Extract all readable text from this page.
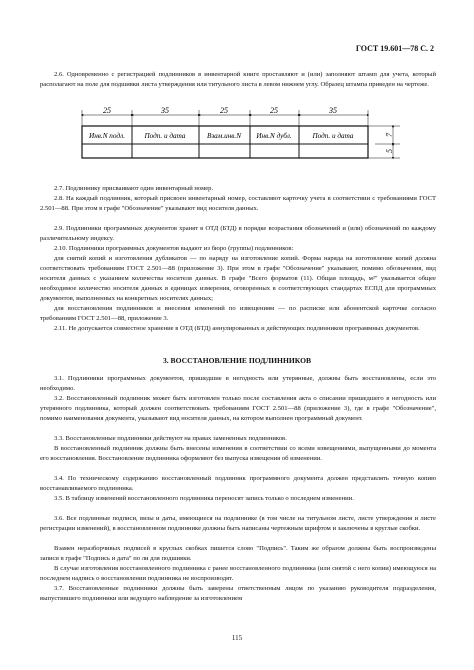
ГОСТ 19.601—78 С. 2

2.6. Одновременно с регистрацией подлинников в инвентарной книге проставляют и (или) заполняют штамп для учета, который располагают на поле для подшивки листа утверждения или титульного листа в левом нижнем углу. Образец штампа приведен на чертеже.

25	35	25	25	35
7
5
Инв.N подл.	Подп. и дата	Взам.инв.N Инв.N дубл.	Подп. и дата

2.7. Подлиннику присваивают один инвентарный номер.

2.8. На каждый подлинник, который присвоен инвентарный номер, составляют карточку учета в соответствии с требованиями ГОСТ 2.501—88. При этом в графе "Обозначение" указывают вид носителя данных.

2.9. Подлинники программных документов хранят в ОТД (БТД) в порядке возрастания обозначений и (или) обозначений по каждому различительному индексу.

2.10. Подлинники программных документов выдают из бюро (группы) подлинников:

для снятий копий и изготовления дубликатов — по наряду на изготовление копий. Форма наряда на изготовление копий должна соответствовать требованиям ГОСТ 2.501—88 (приложение 3). При этом в графе "Обозначение" указывают, помимо обозначения, вид носителя данных с указанием количества носителя данных. В графе "Всего форматов (11). Общая площадь, м²" указывается общее необходимое количество носителя данных в единицах измерения, оговоренных в соответствующих стандартах ЕСПД для программных документов, выполненных на конкретных носителях данных;

для восстановления подлинников и внесения изменений по извещениям — по расписке или абонентской карточке согласно требованиям ГОСТ 2.501—88, приложение 3.

2.11. Не допускается совместное хранение в ОТД (БТД) аннулированных и действующих подлинников программных документов.

3. ВОССТАНОВЛЕНИЕ ПОДЛИННИКОВ

3.1. Подлинники программных документов, пришедшие в негодность или утерянные, должны быть восстановлены, если это необходимо.

3.2. Восстановленный подлинник может быть изготовлен только после составления акта о списании пришедшего в негодность или утерянного подлинника, который должен соответствовать требованиям ГОСТ 2.501—88 (приложение 3), где в графе "Обозначение", помимо наименования документа, указывают вид носителя данных, на котором выполнен программный документ.

3.3. Восстановленные подлинники действуют на правах замененных подлинников.

В восстановленный подлинник должны быть внесены изменения в соответствии со всеми извещениями, выпущенными до момента его восстановления. Восстановление подлинника оформляют без выпуска извещения об изменении.

3.4. По техническому содержанию восстановленный подлинник программного документа должен представлять точную копию восстанавливаемого подлинника.

3.5. В таблицу изменений восстановленного подлинника переносят запись только о последнем изменении.

3.6. Все подлинные подписи, визы и даты, имеющиеся на подлиннике (в том числе на титульном листе, листе утверждения и листе регистрации изменений), в восстановленном подлиннике должны быть написаны чертежным шрифтом и заключены в круглые скобки.

Взамен неразборчивых подписей в круглых скобках пишется слово "Подпись". Таким же образом должны быть воспроизведены записи в графе "Подпись и дата" по ли для подшивки.

В случае изготовления восстановленного подлинника с ранее восстановленного подлинника (или снятой с него копии) имеющуюся на последнем надпись о восстановлении подлинника не воспроизводят.

3.7. Восстановленные подлинники должны быть заверены ответственным лицом по указанию руководителя подразделения, выпустившего подлинники или ведущего наблюдение за изготовлением

115
